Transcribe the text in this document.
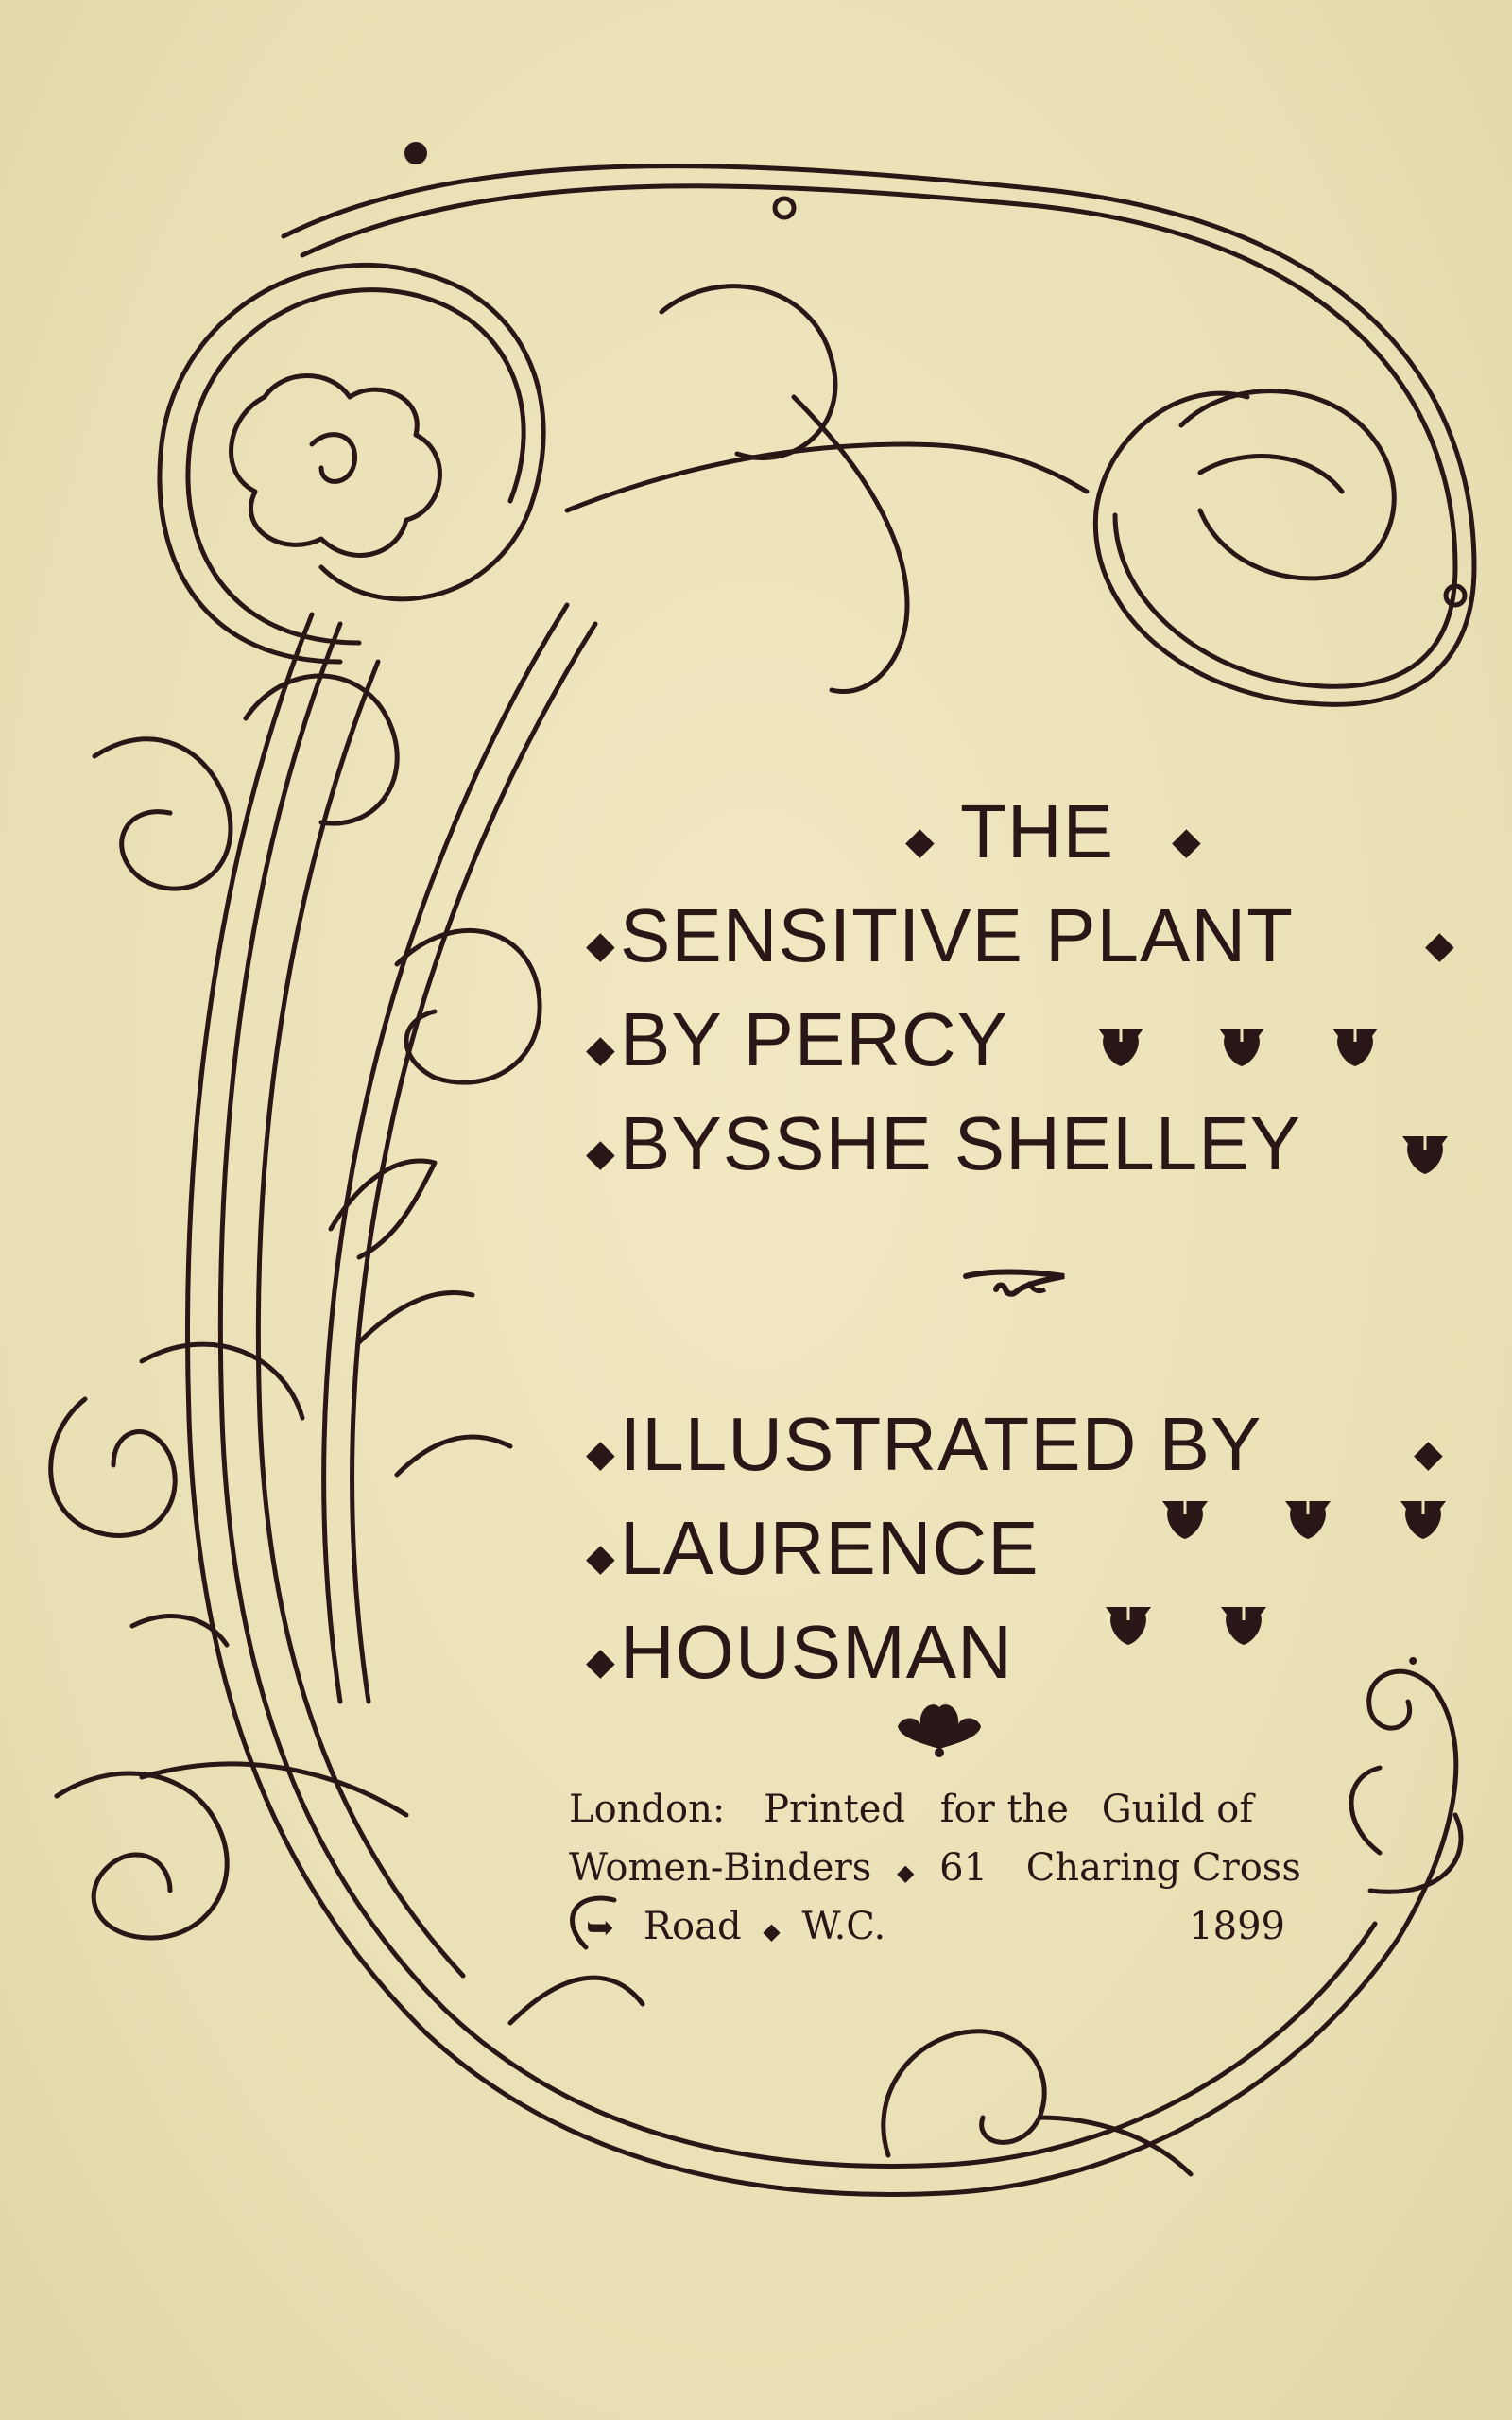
◆ THE ◆
◆ SENSITIVE PLANT	◆
◆ BY PERCY
◆ BYSSHE SHELLEY
◆ ILLUSTRATED BY	◆
◆ LAURENCE
◆ HOUSMAN	•
London: Printed for the Guild of
Women-Binders ◆ 61 Charing Cross
➥ Road ◆ W.C.	1899
